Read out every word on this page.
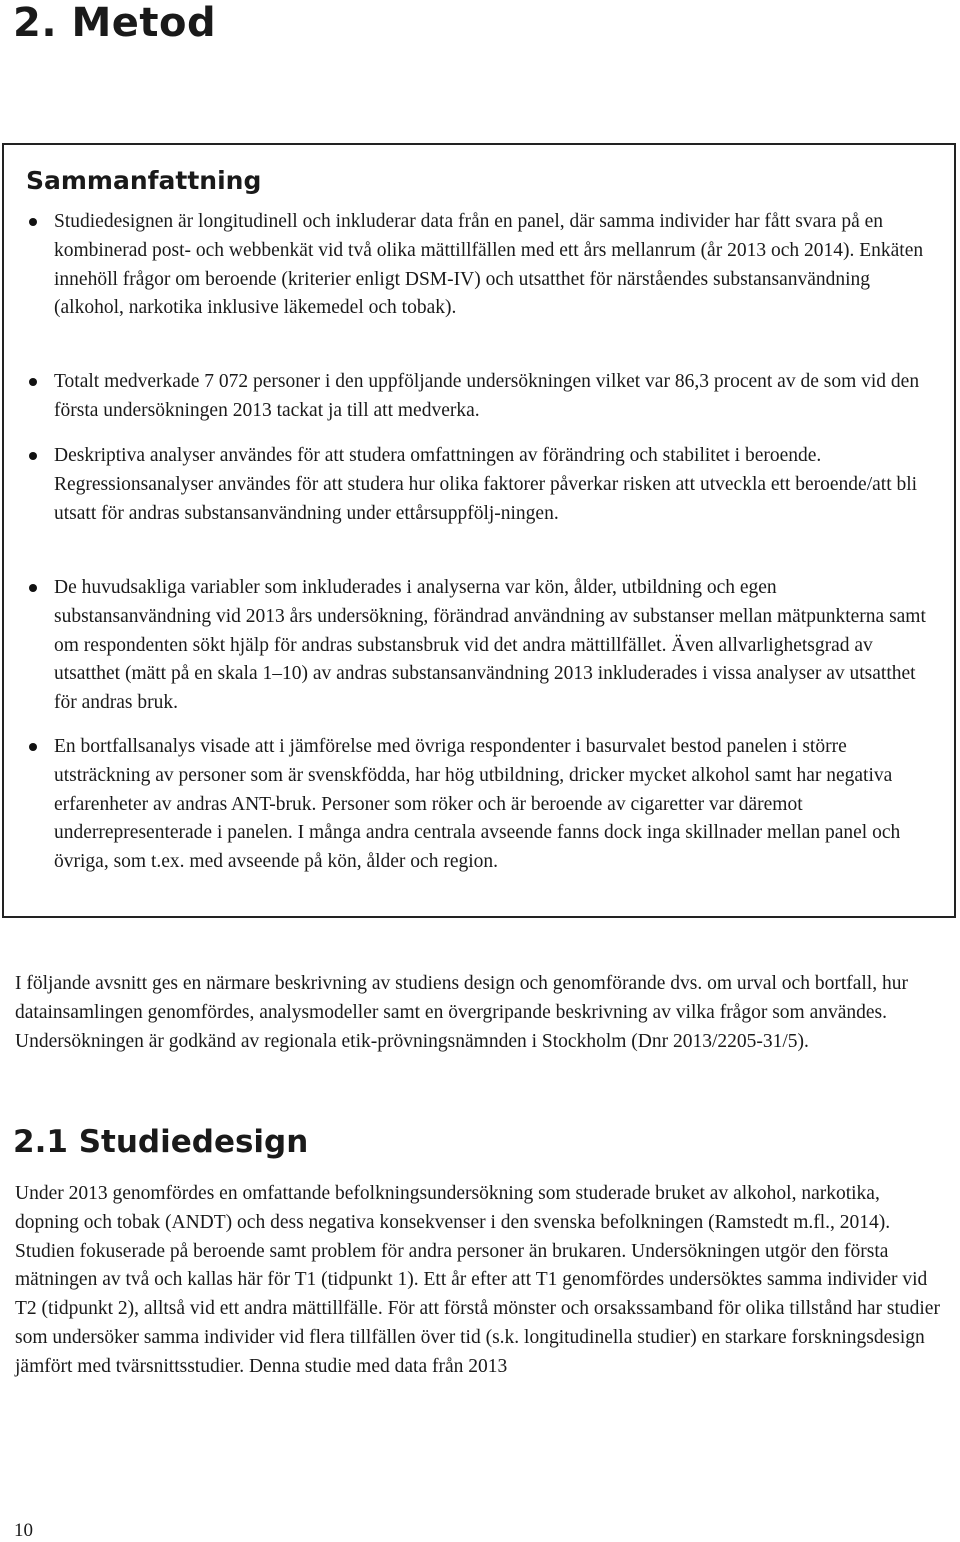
2. Metod
Sammanfattning
Studiedesignen är longitudinell och inkluderar data från en panel, där samma individer har fått svara på en kombinerad post- och webbenkät vid två olika mättillfällen med ett års mellanrum (år 2013 och 2014). Enkäten innehöll frågor om beroende (kriterier enligt DSM-IV) och utsatthet för närståendes substansanvändning (alkohol, narkotika inklusive läkemedel och tobak).
Totalt medverkade 7 072 personer i den uppföljande undersökningen vilket var 86,3 procent av de som vid den första undersökningen 2013 tackat ja till att medverka.
Deskriptiva analyser användes för att studera omfattningen av förändring och stabilitet i beroende. Regressionsanalyser användes för att studera hur olika faktorer påverkar risken att utveckla ett beroende/att bli utsatt för andras substansanvändning under ettårsuppfölj-ningen.
De huvudsakliga variabler som inkluderades i analyserna var kön, ålder, utbildning och egen substansanvändning vid 2013 års undersökning, förändrad användning av substanser mellan mätpunkterna samt om respondenten sökt hjälp för andras substansbruk vid det andra mättillfället. Även allvarlighetsgrad av utsatthet (mätt på en skala 1–10) av andras substansanvändning 2013 inkluderades i vissa analyser av utsatthet för andras bruk.
En bortfallsanalys visade att i jämförelse med övriga respondenter i basurvalet bestod panelen i större utsträckning av personer som är svenskfödda, har hög utbildning, dricker mycket alkohol samt har negativa erfarenheter av andras ANT-bruk. Personer som röker och är beroende av cigaretter var däremot underrepresenterade i panelen. I många andra centrala avseende fanns dock inga skillnader mellan panel och övriga, som t.ex. med avseende på kön, ålder och region.

I följande avsnitt ges en närmare beskrivning av studiens design och genomförande dvs. om urval och bortfall, hur datainsamlingen genomfördes, analysmodeller samt en övergripande beskrivning av vilka frågor som användes. Undersökningen är godkänd av regionala etik-prövningsnämnden i Stockholm (Dnr 2013/2205-31/5).

2.1 Studiedesign

Under 2013 genomfördes en omfattande befolkningsundersökning som studerade bruket av alkohol, narkotika, dopning och tobak (ANDT) och dess negativa konsekvenser i den svenska befolkningen (Ramstedt m.fl., 2014). Studien fokuserade på beroende samt problem för andra personer än brukaren. Undersökningen utgör den första mätningen av två och kallas här för T1 (tidpunkt 1). Ett år efter att T1 genomfördes undersöktes samma individer vid T2 (tidpunkt 2), alltså vid ett andra mättillfälle. För att förstå mönster och orsakssamband för olika tillstånd har studier som undersöker samma individer vid flera tillfällen över tid (s.k. longitudinella studier) en starkare forskningsdesign jämfört med tvärsnittsstudier. Denna studie med data från 2013

10
